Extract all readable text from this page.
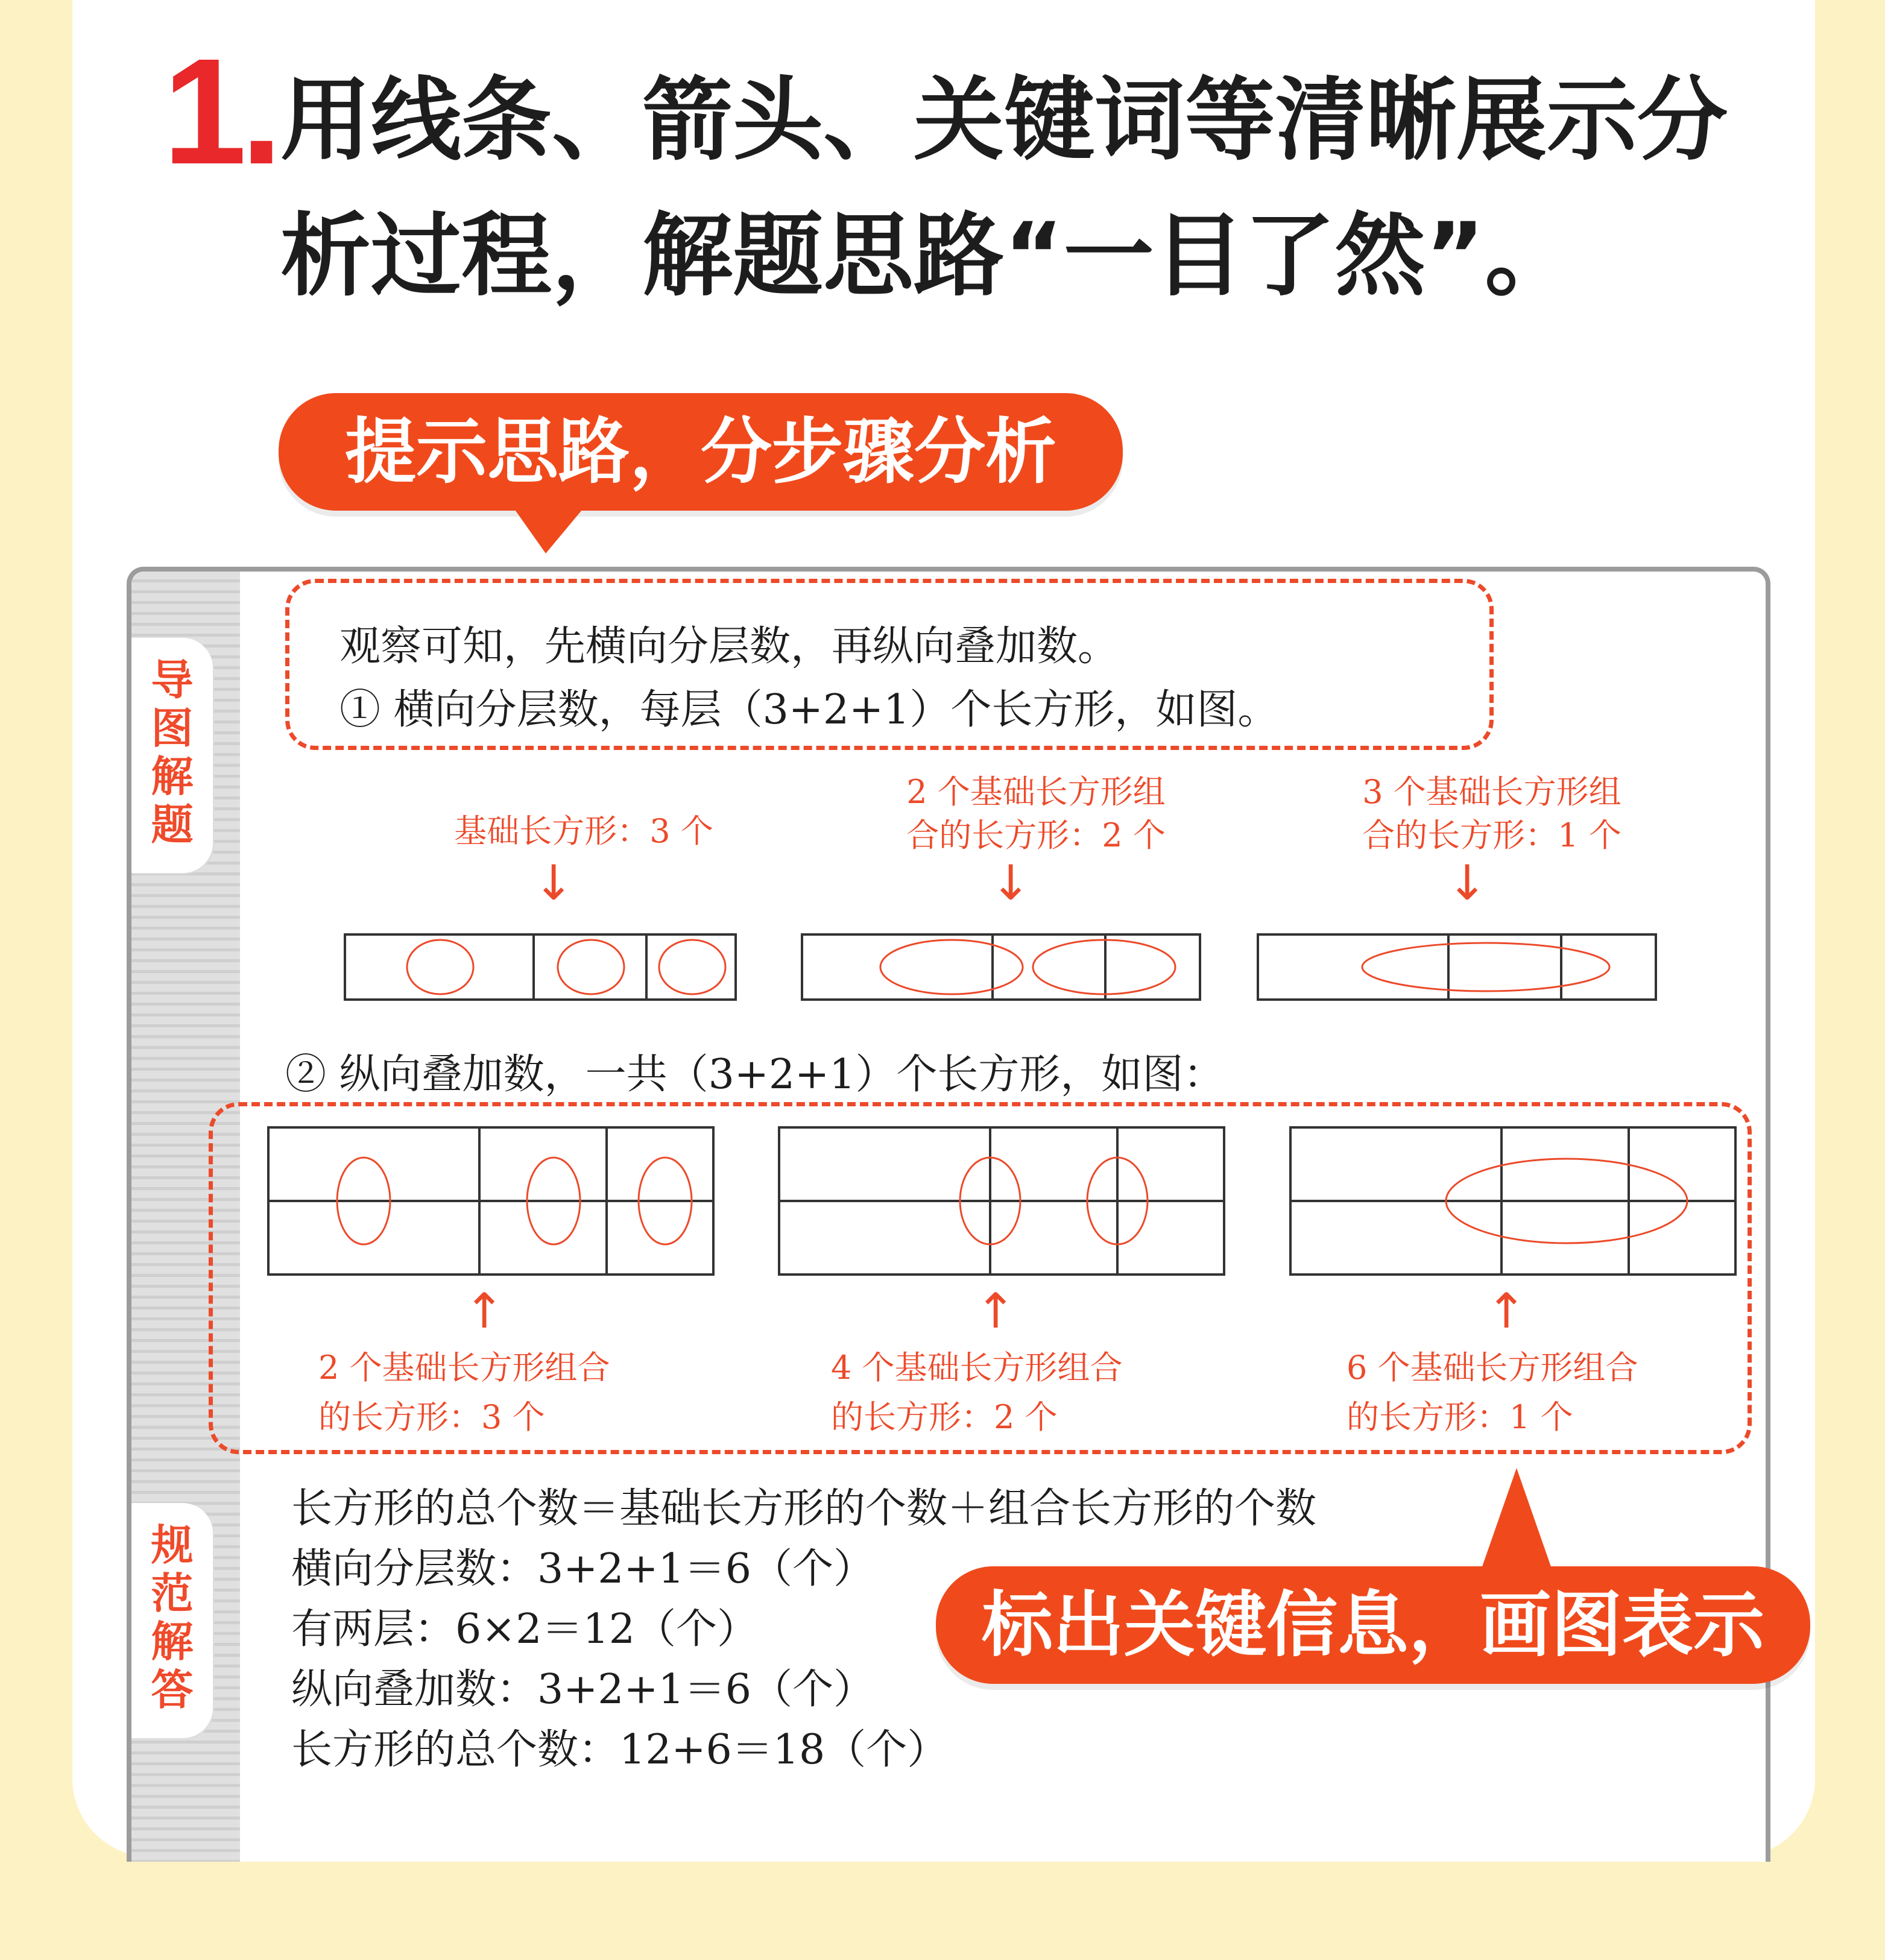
1. 用线条、箭头、关键词等清晰展示分
析过程，解题思路“一目了然”。
提示思路，分步骤分析
导
图
解
题
规
范
解
答
观察可知，先横向分层数，再纵向叠加数。
① 横向分层数，每层（3+2+1）个长方形，如图。
基础长方形：3 个
2 个基础长方形组
合的长方形：2 个
3 个基础长方形组
合的长方形：1 个
↓	↓	↓
② 纵向叠加数，一共（3+2+1）个长方形，如图：
↑	↑	↑
2 个基础长方形组合
的长方形：3 个
4 个基础长方形组合
的长方形：2 个
6 个基础长方形组合
的长方形：1 个
长方形的总个数＝基础长方形的个数＋组合长方形的个数
横向分层数：3+2+1＝6（个）
有两层：6×2＝12（个）
纵向叠加数：3+2+1＝6（个）
长方形的总个数：12+6＝18（个）
标出关键信息，画图表示
